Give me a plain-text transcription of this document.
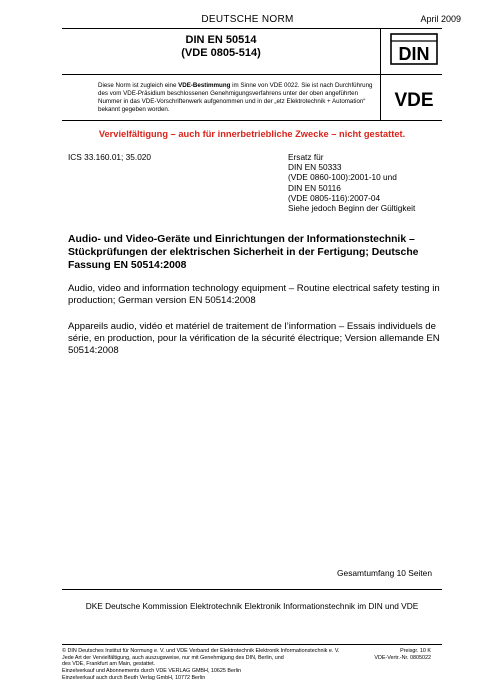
DEUTSCHE NORM	April 2009
DIN EN 50514
(VDE 0805-514)	DIN
Diese Norm ist zugleich eine VDE-Bestimmung im Sinne von VDE 0022. Sie ist nach Durchführung des vom VDE-Präsidium beschlossenen Genehmigungsverfahrens unter der oben angeführten Nummer in das VDE-Vorschriftenwerk aufgenommen und in der „etz Elektrotechnik + Automation“ bekannt gegeben worden.	VDE
Vervielfältigung – auch für innerbetriebliche Zwecke – nicht gestattet.
ICS 33.160.01; 35.020	Ersatz für
DIN EN 50333
(VDE 0860-100):2001-10 und
DIN EN 50116
(VDE 0805-116):2007-04
Siehe jedoch Beginn der Gültigkeit
Audio- und Video-Geräte und Einrichtungen der Informationstechnik – Stückprüfungen der elektrischen Sicherheit in der Fertigung; Deutsche Fassung EN 50514:2008
Audio, video and information technology equipment – Routine electrical safety testing in production; German version EN 50514:2008
Appareils audio, vidéo et matériel de traitement de l’information – Essais individuels de série, en production, pour la vérification de la sécurité électrique; Version allemande EN 50514:2008
Gesamtumfang 10 Seiten
DKE Deutsche Kommission Elektrotechnik Elektronik Informationstechnik im DIN und VDE
© DIN Deutsches Institut für Normung e. V. und VDE Verband der Elektrotechnik Elektronik Informationstechnik e. V.
Jede Art der Vervielfältigung, auch auszugsweise, nur mit Genehmigung des DIN, Berlin, und
des VDE, Frankfurt am Main, gestattet.
Einzelverkauf und Abonnements durch VDE VERLAG GMBH, 10625 Berlin
Einzelverkauf auch durch Beuth Verlag GmbH, 10772 Berlin
Preisgr. 10 K
VDE-Vertr.-Nr. 0805022
